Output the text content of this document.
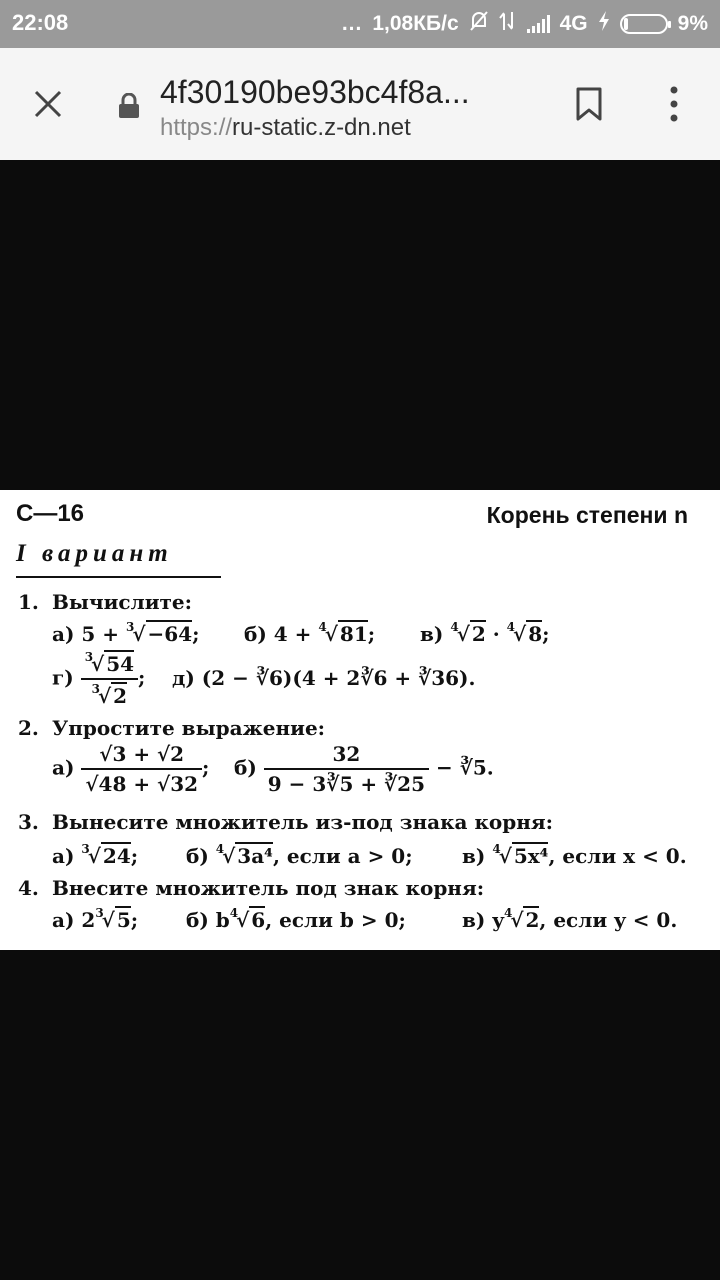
22:08	... 1,08КБ/с	4G	9%
4f30190be93bc4f8a...
https://ru-static.z-dn.net
С—16	Корень степени n
I вариант
1. Вычислите:
а) 5 + $^3$√ −64; б) 4 + $^4$√ 81; в) $^4$√ 2 · $^4$√ 8;
$г) \frac{^3√ 54}{^3√ 2}$ ; д) (2 − ∛6)(4 + 2∛6 + ∛36).
2. Упростите выражение:
$а) \frac{√3 + √2}{√48 + √32}$ ; $б) \frac{32}{9 - 3∛5 + ∛25}$ − ∛5.
3. Вынесите множитель из-под знака корня:
а) $^3$√ 24; б) $^4$√ 3a⁴, если a > 0; в) $^4$√ 5x⁴, если x < 0.
4. Внесите множитель под знак корня:
а) $2^3√$ 5; б) $b^4√$ 6, если b > 0;	в) $y^4√$ 2, если y < 0.
